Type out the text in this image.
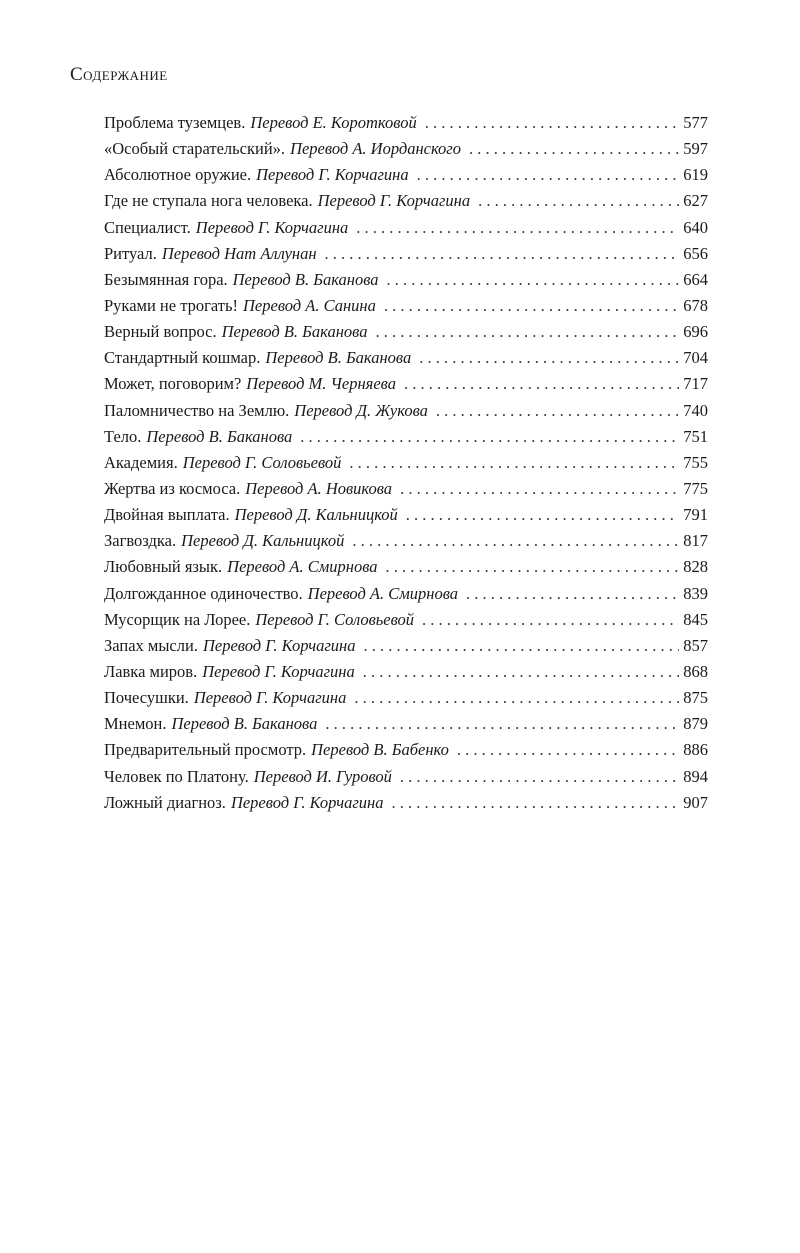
Содержание
Проблема туземцев. Перевод Е. Коротковой . . .	577
«Особый старательский». Перевод А. Иорданского . . .	597
Абсолютное оружие. Перевод Г. Корчагина . . .	619
Где не ступала нога человека. Перевод Г. Корчагина . . .	627
Специалист. Перевод Г. Корчагина . . .	640
Ритуал. Перевод Нат Аллунан . . .	656
Безымянная гора. Перевод В. Баканова . . .	664
Руками не трогать! Перевод А. Санина . . .	678
Верный вопрос. Перевод В. Баканова . . .	696
Стандартный кошмар. Перевод В. Баканова . . .	704
Может, поговорим? Перевод М. Черняева . . .	717
Паломничество на Землю. Перевод Д. Жукова . . .	740
Тело. Перевод В. Баканова . . .	751
Академия. Перевод Г. Соловьевой . . .	755
Жертва из космоса. Перевод А. Новикова . . .	775
Двойная выплата. Перевод Д. Кальницкой . . .	791
Загвоздка. Перевод Д. Кальницкой . . .	817
Любовный язык. Перевод А. Смирнова . . .	828
Долгожданное одиночество. Перевод А. Смирнова . . .	839
Мусорщик на Лорее. Перевод Г. Соловьевой . . .	845
Запах мысли. Перевод Г. Корчагина . . .	857
Лавка миров. Перевод Г. Корчагина . . .	868
Почесушки. Перевод Г. Корчагина . . .	875
Мнемон. Перевод В. Баканова . . .	879
Предварительный просмотр. Перевод В. Бабенко . . .	886
Человек по Платону. Перевод И. Гуровой . . .	894
Ложный диагноз. Перевод Г. Корчагина . . .	907
